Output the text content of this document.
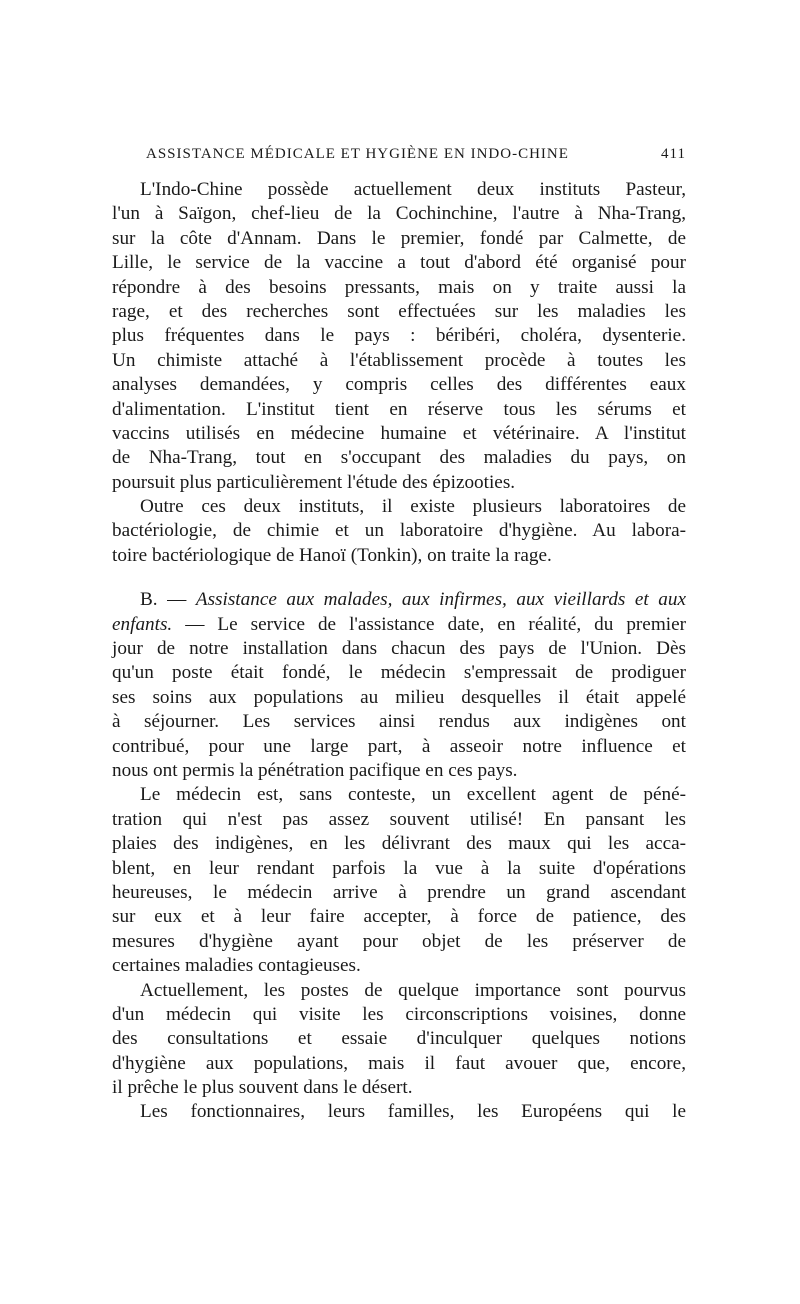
ASSISTANCE MÉDICALE ET HYGIÈNE EN INDO-CHINE	411
L'Indo-Chine possède actuellement deux instituts Pasteur,
l'un à Saïgon, chef-lieu de la Cochinchine, l'autre à Nha-Trang,
sur la côte d'Annam. Dans le premier, fondé par Calmette, de
Lille, le service de la vaccine a tout d'abord été organisé pour
répondre à des besoins pressants, mais on y traite aussi la
rage, et des recherches sont effectuées sur les maladies les
plus fréquentes dans le pays : béribéri, choléra, dysenterie.
Un chimiste attaché à l'établissement procède à toutes les
analyses demandées, y compris celles des différentes eaux
d'alimentation. L'institut tient en réserve tous les sérums et
vaccins utilisés en médecine humaine et vétérinaire. A l'institut
de Nha-Trang, tout en s'occupant des maladies du pays, on
poursuit plus particulièrement l'étude des épizooties.
Outre ces deux instituts, il existe plusieurs laboratoires de
bactériologie, de chimie et un laboratoire d'hygiène. Au labora-
toire bactériologique de Hanoï (Tonkin), on traite la rage.
B. — Assistance aux malades, aux infirmes, aux vieillards et aux
enfants. — Le service de l'assistance date, en réalité, du premier
jour de notre installation dans chacun des pays de l'Union. Dès
qu'un poste était fondé, le médecin s'empressait de prodiguer
ses soins aux populations au milieu desquelles il était appelé
à séjourner. Les services ainsi rendus aux indigènes ont
contribué, pour une large part, à asseoir notre influence et
nous ont permis la pénétration pacifique en ces pays.
Le médecin est, sans conteste, un excellent agent de péné-
tration qui n'est pas assez souvent utilisé! En pansant les
plaies des indigènes, en les délivrant des maux qui les acca-
blent, en leur rendant parfois la vue à la suite d'opérations
heureuses, le médecin arrive à prendre un grand ascendant
sur eux et à leur faire accepter, à force de patience, des
mesures d'hygiène ayant pour objet de les préserver de
certaines maladies contagieuses.
Actuellement, les postes de quelque importance sont pourvus
d'un médecin qui visite les circonscriptions voisines, donne
des consultations et essaie d'inculquer quelques notions
d'hygiène aux populations, mais il faut avouer que, encore,
il prêche le plus souvent dans le désert.
Les fonctionnaires, leurs familles, les Européens qui le
